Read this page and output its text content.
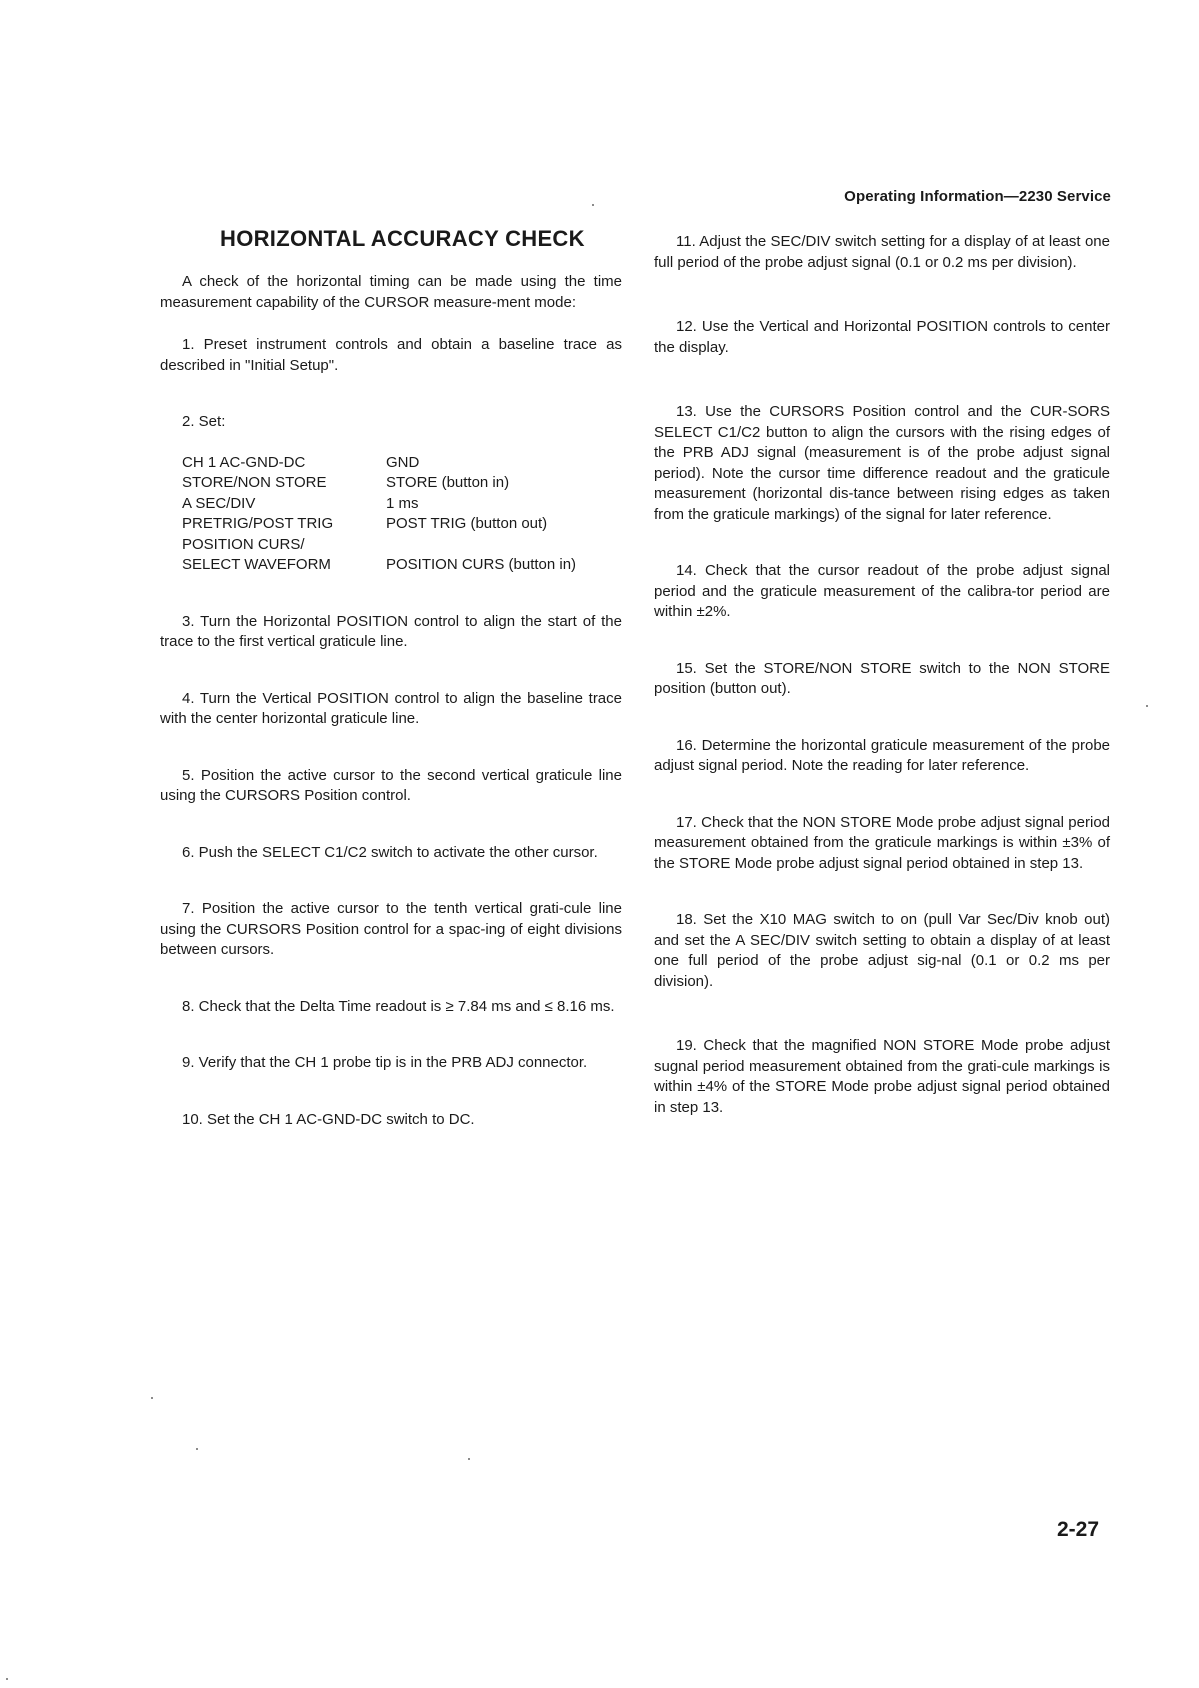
Operating Information—2230 Service
HORIZONTAL ACCURACY CHECK

A check of the horizontal timing can be made using the time measurement capability of the CURSOR measure-ment mode:

1. Preset instrument controls and obtain a baseline trace as described in "Initial Setup".

2. Set:

CH 1 AC-GND-DC	GND
STORE/NON STORE	STORE (button in)
A SEC/DIV	1 ms
PRETRIG/POST TRIG	POST TRIG (button out)
POSITION CURS/
SELECT WAVEFORM	POSITION CURS (button in)

3. Turn the Horizontal POSITION control to align the start of the trace to the first vertical graticule line.

4. Turn the Vertical POSITION control to align the baseline trace with the center horizontal graticule line.

5. Position the active cursor to the second vertical graticule line using the CURSORS Position control.

6. Push the SELECT C1/C2 switch to activate the other cursor.

7. Position the active cursor to the tenth vertical grati-cule line using the CURSORS Position control for a spac-ing of eight divisions between cursors.

8. Check that the Delta Time readout is ≥ 7.84 ms and ≤ 8.16 ms.

9. Verify that the CH 1 probe tip is in the PRB ADJ connector.

10. Set the CH 1 AC-GND-DC switch to DC.

11. Adjust the SEC/DIV switch setting for a display of at least one full period of the probe adjust signal (0.1 or 0.2 ms per division).

12. Use the Vertical and Horizontal POSITION controls to center the display.

13. Use the CURSORS Position control and the CUR-SORS SELECT C1/C2 button to align the cursors with the rising edges of the PRB ADJ signal (measurement is of the probe adjust signal period). Note the cursor time difference readout and the graticule measurement (horizontal dis-tance between rising edges as taken from the graticule markings) of the signal for later reference.

14. Check that the cursor readout of the probe adjust signal period and the graticule measurement of the calibra-tor period are within ±2%.

15. Set the STORE/NON STORE switch to the NON STORE position (button out).

16. Determine the horizontal graticule measurement of the probe adjust signal period. Note the reading for later reference.

17. Check that the NON STORE Mode probe adjust signal period measurement obtained from the graticule markings is within ±3% of the STORE Mode probe adjust signal period obtained in step 13.

18. Set the X10 MAG switch to on (pull Var Sec/Div knob out) and set the A SEC/DIV switch setting to obtain a display of at least one full period of the probe adjust sig-nal (0.1 or 0.2 ms per division).

19. Check that the magnified NON STORE Mode probe adjust sugnal period measurement obtained from the grati-cule markings is within ±4% of the STORE Mode probe adjust signal period obtained in step 13.

2-27
